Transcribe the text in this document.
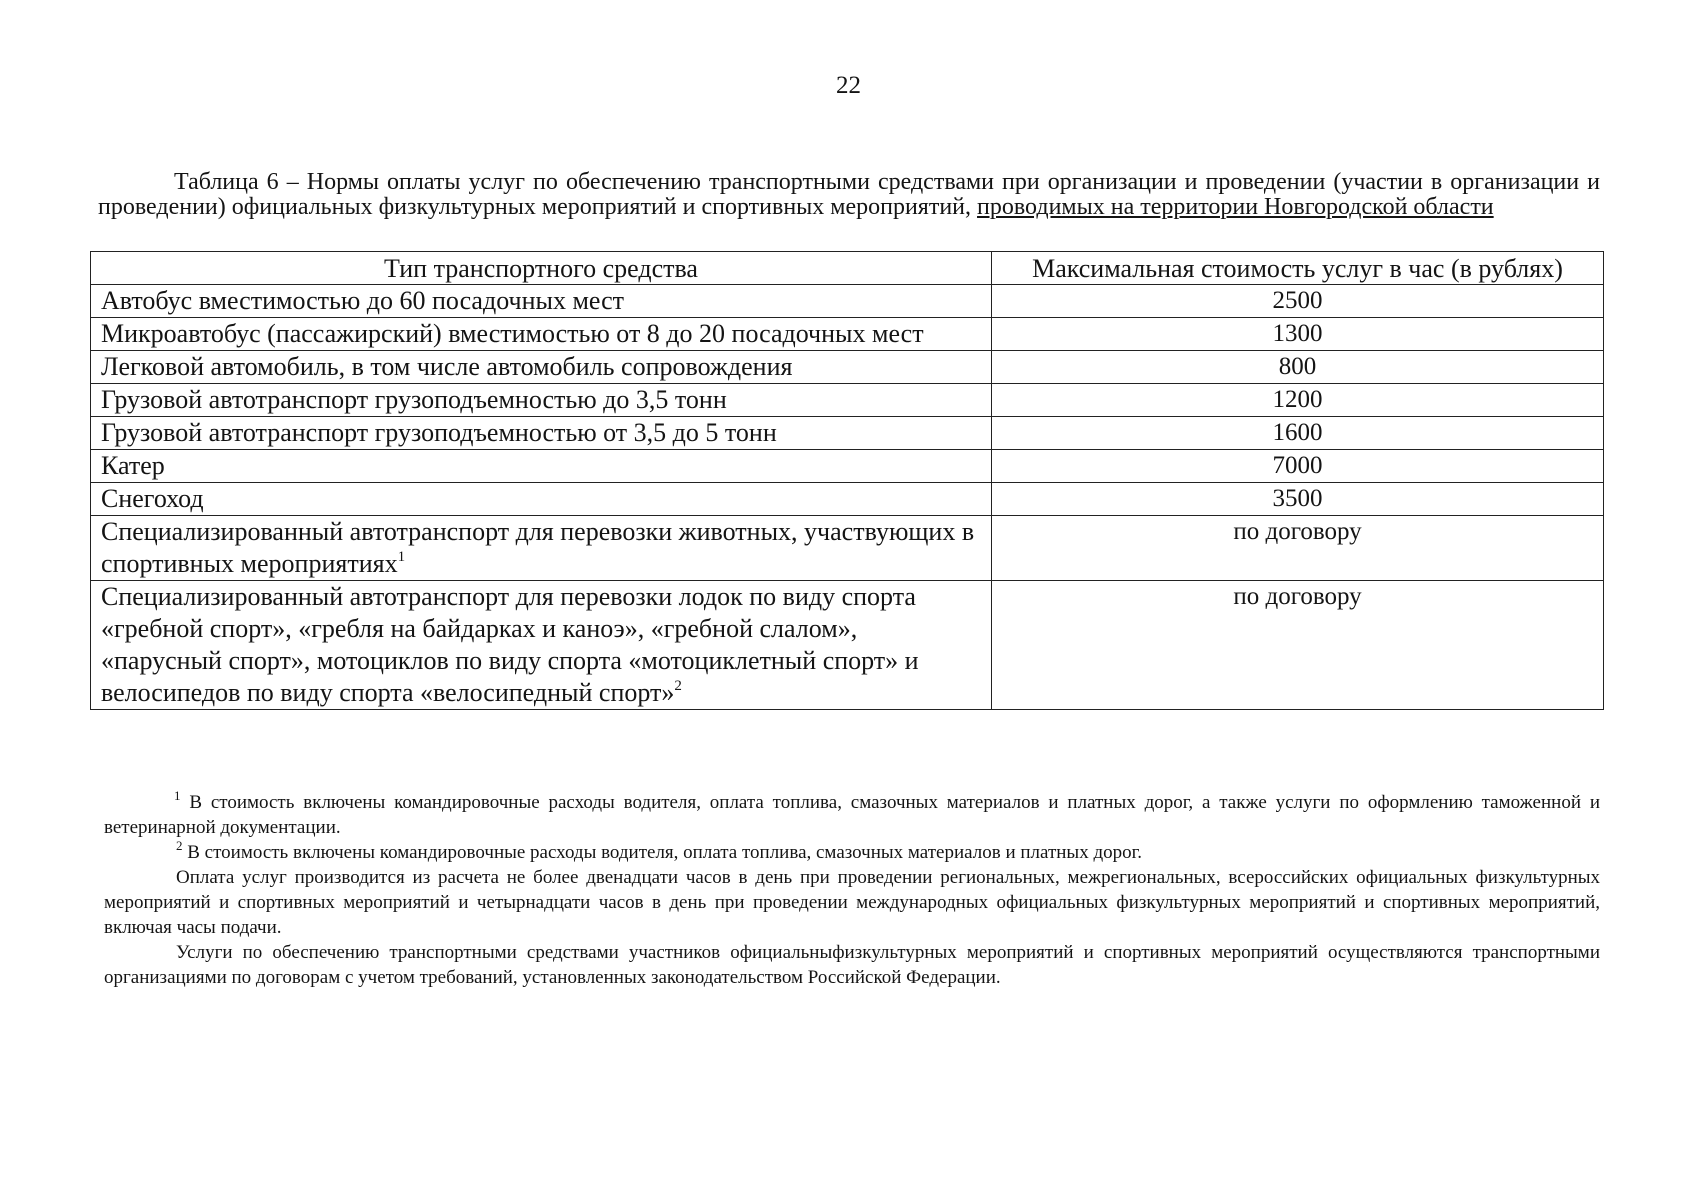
22
Таблица 6 – Нормы оплаты услуг по обеспечению транспортными средствами при организации и проведении (участии в организации и проведении) официальных физкультурных мероприятий и спортивных мероприятий, проводимых на территории Новгородской области
Тип транспортного средства	Максимальная стоимость услуг в час (в рублях)
Автобус вместимостью до 60 посадочных мест	2500
Микроавтобус (пассажирский) вместимостью от 8 до 20 посадочных мест	1300
Легковой автомобиль, в том числе автомобиль сопровождения	800
Грузовой автотранспорт грузоподъемностью до 3,5 тонн	1200
Грузовой автотранспорт грузоподъемностью от 3,5 до 5 тонн	1600
Катер	7000
Снегоход	3500
Специализированный автотранспорт для перевозки животных, участвующих в спортивных мероприятиях$^1$	по договору
Специализированный автотранспорт для перевозки лодок по виду спорта «гребной спорт», «гребля на байдарках и каноэ», «гребной слалом», «парусный спорт», мотоциклов по виду спорта «мотоциклетный спорт» и велосипедов по виду спорта «велосипедный спорт»$^2$	по договору

$^1$ В стоимость включены командировочные расходы водителя, оплата топлива, смазочных материалов и платных дорог, а также услуги по оформлению таможенной и ветеринарной документации.

$^2$ В стоимость включены командировочные расходы водителя, оплата топлива, смазочных материалов и платных дорог.

Оплата услуг производится из расчета не более двенадцати часов в день при проведении региональных, межрегиональных, всероссийских официальных физкультурных мероприятий и спортивных мероприятий и четырнадцати часов в день при проведении международных официальных физкультурных мероприятий и спортивных мероприятий, включая часы подачи.

Услуги по обеспечению транспортными средствами участников официальныфизкультурных мероприятий и спортивных мероприятий осуществляются транспортными организациями по договорам с учетом требований, установленных законодательством Российской Федерации.
